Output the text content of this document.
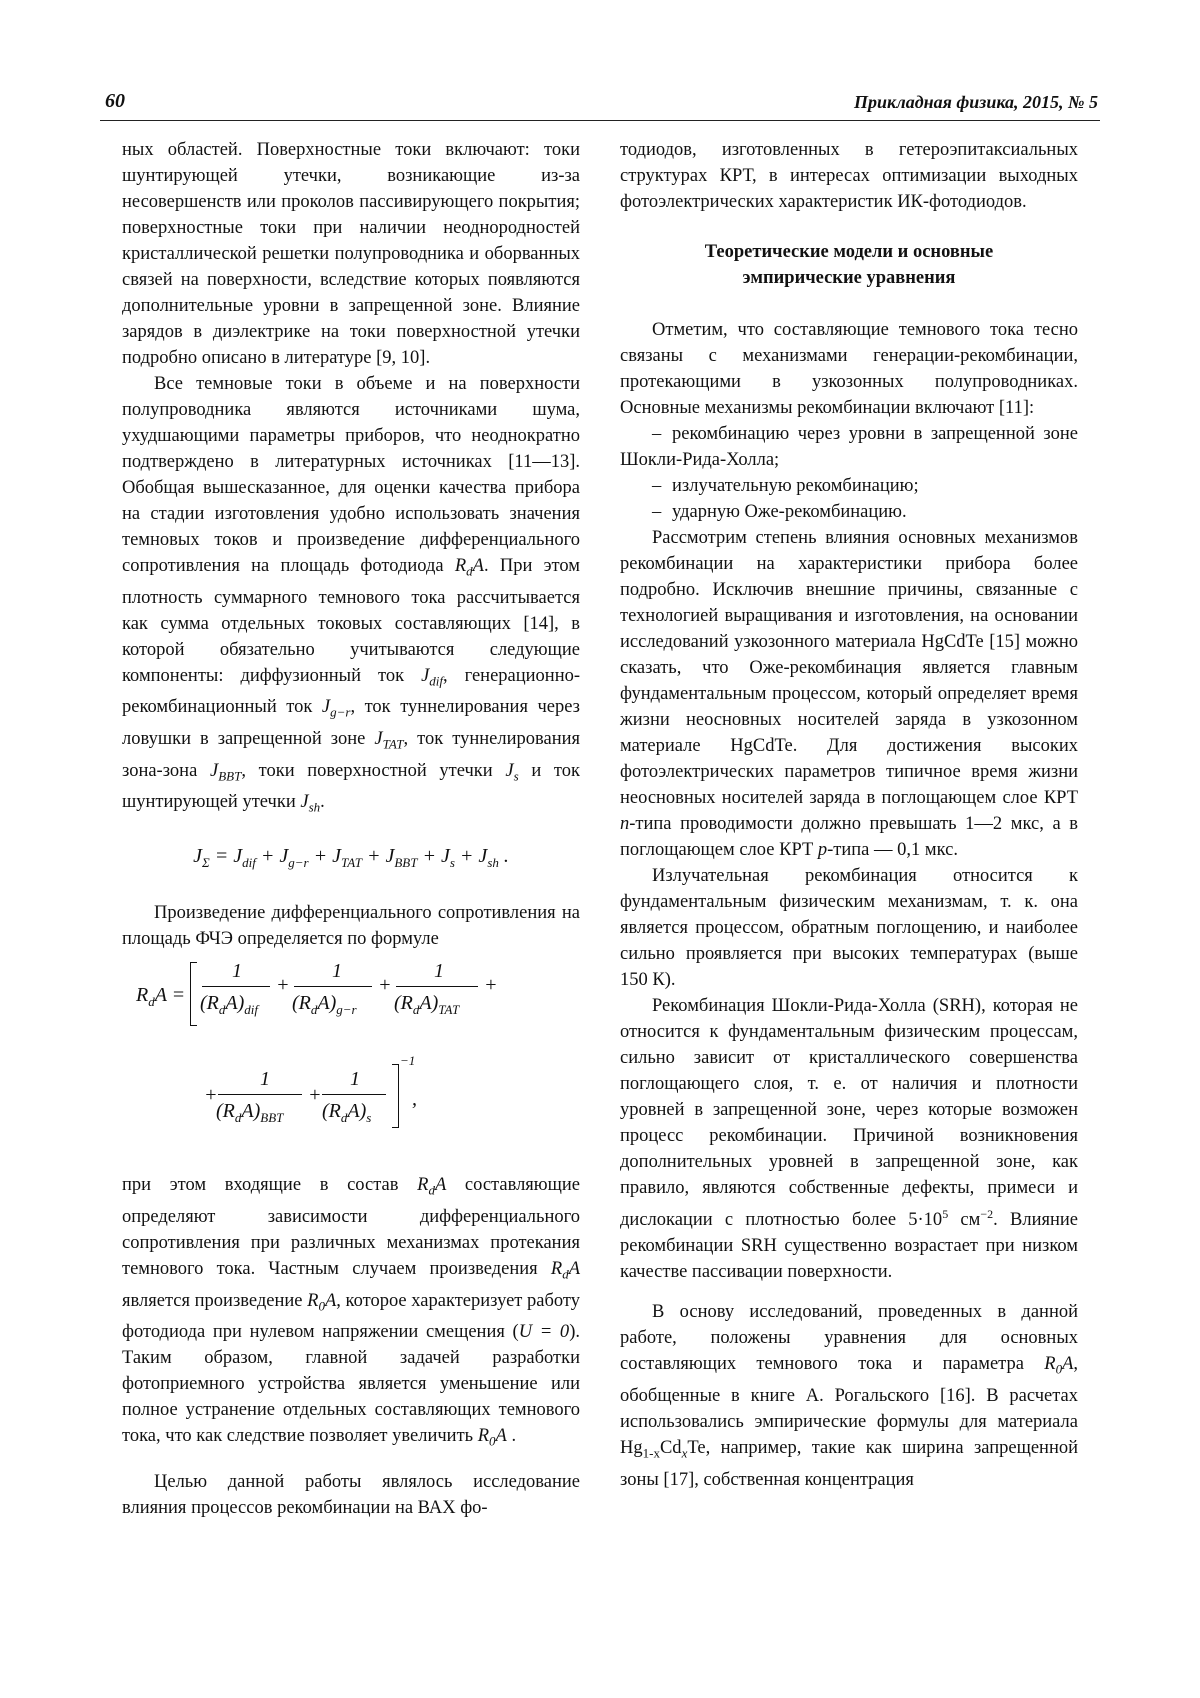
60	Прикладная физика, 2015, № 5

ных областей. Поверхностные токи включают: токи шунтирующей утечки, возникающие из-за несовершенств или проколов пассивирующего покрытия; поверхностные токи при наличии неоднородностей кристаллической решетки полупроводника и оборванных связей на поверхности, вследствие которых появляются дополнительные уровни в запрещенной зоне. Влияние зарядов в диэлектрике на токи поверхностной утечки подробно описано в литературе [9, 10].

Все темновые токи в объеме и на поверхности полупроводника являются источниками шума, ухудшающими параметры приборов, что неоднократно подтверждено в литературных источниках [11—13]. Обобщая вышесказанное, для оценки качества прибора на стадии изготовления удобно использовать значения темновых токов и произведение дифференциального сопротивления на площадь фотодиода $R_dA$. При этом плотность суммарного темнового тока рассчитывается как сумма отдельных токовых составляющих [14], в которой обязательно учитываются следующие компоненты: диффузионный ток $J_{dif}$, генерационно-рекомбинационный ток $J_{g-r}$, ток туннелирования через ловушки в запрещенной зоне $J_{TAT}$, ток туннелирования зона-зона $J_{BBT}$, токи поверхностной утечки $J_s$ и ток шунтирующей утечки $J_{sh}$.

$J_\Sigma = J_{dif} + J_{g-r} + J_{TAT} + J_{BBT} + J_s + J_{sh}$ .

Произведение дифференциального сопротивления на площадь ФЧЭ определяется по формуле

$R_dA$ =
1
$(R_dA)_{dif}$
+
1
$(R_dA)_{g-r}$
+
1
$(R_dA)_{TAT}$
+
+
1
$(R_dA)_{BBT}$
+
1
$(R_dA)_s$
−1
,

при этом входящие в состав $R_dA$ составляющие определяют зависимости дифференциального сопротивления при различных механизмах протекания темнового тока. Частным случаем произведения $R_dA$ является произведение $R_0A$, которое характеризует работу фотодиода при нулевом напряжении смещения (U = 0). Таким образом, главной задачей разработки фотоприемного устройства является уменьшение или полное устранение отдельных составляющих темнового тока, что как следствие позволяет увеличить $R_0A$ .

Целью данной работы являлось исследование влияния процессов рекомбинации на ВАХ фо-

тодиодов, изготовленных в гетероэпитаксиальных структурах КРТ, в интересах оптимизации выходных фотоэлектрических характеристик ИК-фотодиодов.

Теоретические модели и основные
эмпирические уравнения

Отметим, что составляющие темнового тока тесно связаны с механизмами генерации-рекомбинации, протекающими в узкозонных полупроводниках. Основные механизмы рекомбинации включают [11]:

– рекомбинацию через уровни в запрещенной зоне Шокли-Рида-Холла;

– излучательную рекомбинацию;

– ударную Оже-рекомбинацию.

Рассмотрим степень влияния основных механизмов рекомбинации на характеристики прибора более подробно. Исключив внешние причины, связанные с технологией выращивания и изготовления, на основании исследований узкозонного материала HgCdTe [15] можно сказать, что Оже-рекомбинация является главным фундаментальным процессом, который определяет время жизни неосновных носителей заряда в узкозонном материале HgCdTe. Для достижения высоких фотоэлектрических параметров типичное время жизни неосновных носителей заряда в поглощающем слое КРТ n-типа проводимости должно превышать 1—2 мкс, а в поглощающем слое КРТ p-типа — 0,1 мкс.

Излучательная рекомбинация относится к фундаментальным физическим механизмам, т. к. она является процессом, обратным поглощению, и наиболее сильно проявляется при высоких температурах (выше 150 К).

Рекомбинация Шокли-Рида-Холла (SRH), которая не относится к фундаментальным физическим процессам, сильно зависит от кристаллического совершенства поглощающего слоя, т. е. от наличия и плотности уровней в запрещенной зоне, через которые возможен процесс рекомбинации. Причиной возникновения дополнительных уровней в запрещенной зоне, как правило, являются собственные дефекты, примеси и дислокации с плотностью более $5\cdot 10^5$ $см^{-2}$. Влияние рекомбинации SRH существенно возрастает при низком качестве пассивации поверхности.

В основу исследований, проведенных в данной работе, положены уравнения для основных составляющих темнового тока и параметра $R_0A$, обобщенные в книге А. Рогальского [16]. В расчетах использовались эмпирические формулы для материала $Hg_{1-x}Cd_xTe$, например, такие как ширина запрещенной зоны [17], собственная концентрация
